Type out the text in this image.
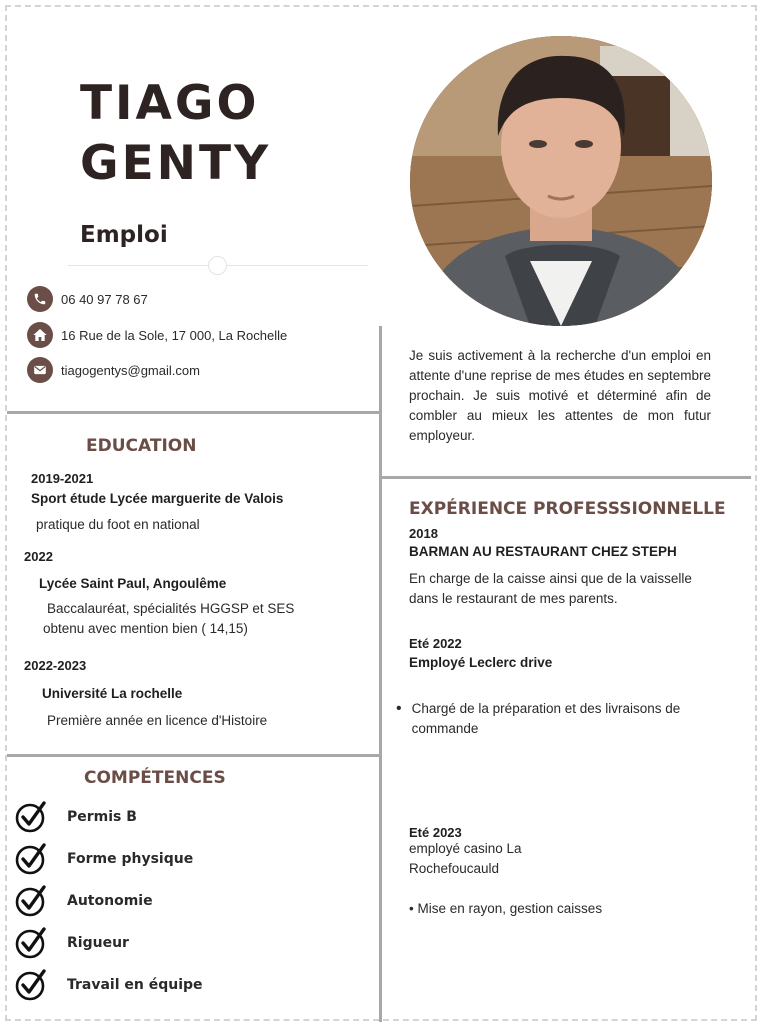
TIAGO
GENTY
Emploi
06 40 97 78 67
16 Rue de la Sole, 17 000, La Rochelle
tiagogentys@gmail.com
Je suis activement à la recherche d'un emploi en attente d'une reprise de mes études en septembre prochain. Je suis motivé et déterminé afin de combler au mieux les attentes de mon futur employeur.
EDUCATION
2019-2021
Sport étude Lycée marguerite de Valois
pratique du foot en national
2022
Lycée Saint Paul, Angoulême
Baccalauréat, spécialités HGGSP et SES obtenu avec mention bien ( 14,15)
2022-2023
Université La rochelle
Première année en licence d'Histoire
COMPÉTENCES
Permis B
Forme physique
Autonomie
Rigueur
Travail en équipe
EXPÉRIENCE PROFESSSIONNELLE
2018
BARMAN AU RESTAURANT CHEZ STEPH
En charge de la caisse ainsi que de la vaisselle dans le restaurant de mes parents.
Eté 2022
Employé Leclerc drive
• Chargé de la préparation et des livraisons de commande
Eté 2023
employé casino La Rochefoucauld
• Mise en rayon, gestion caisses
